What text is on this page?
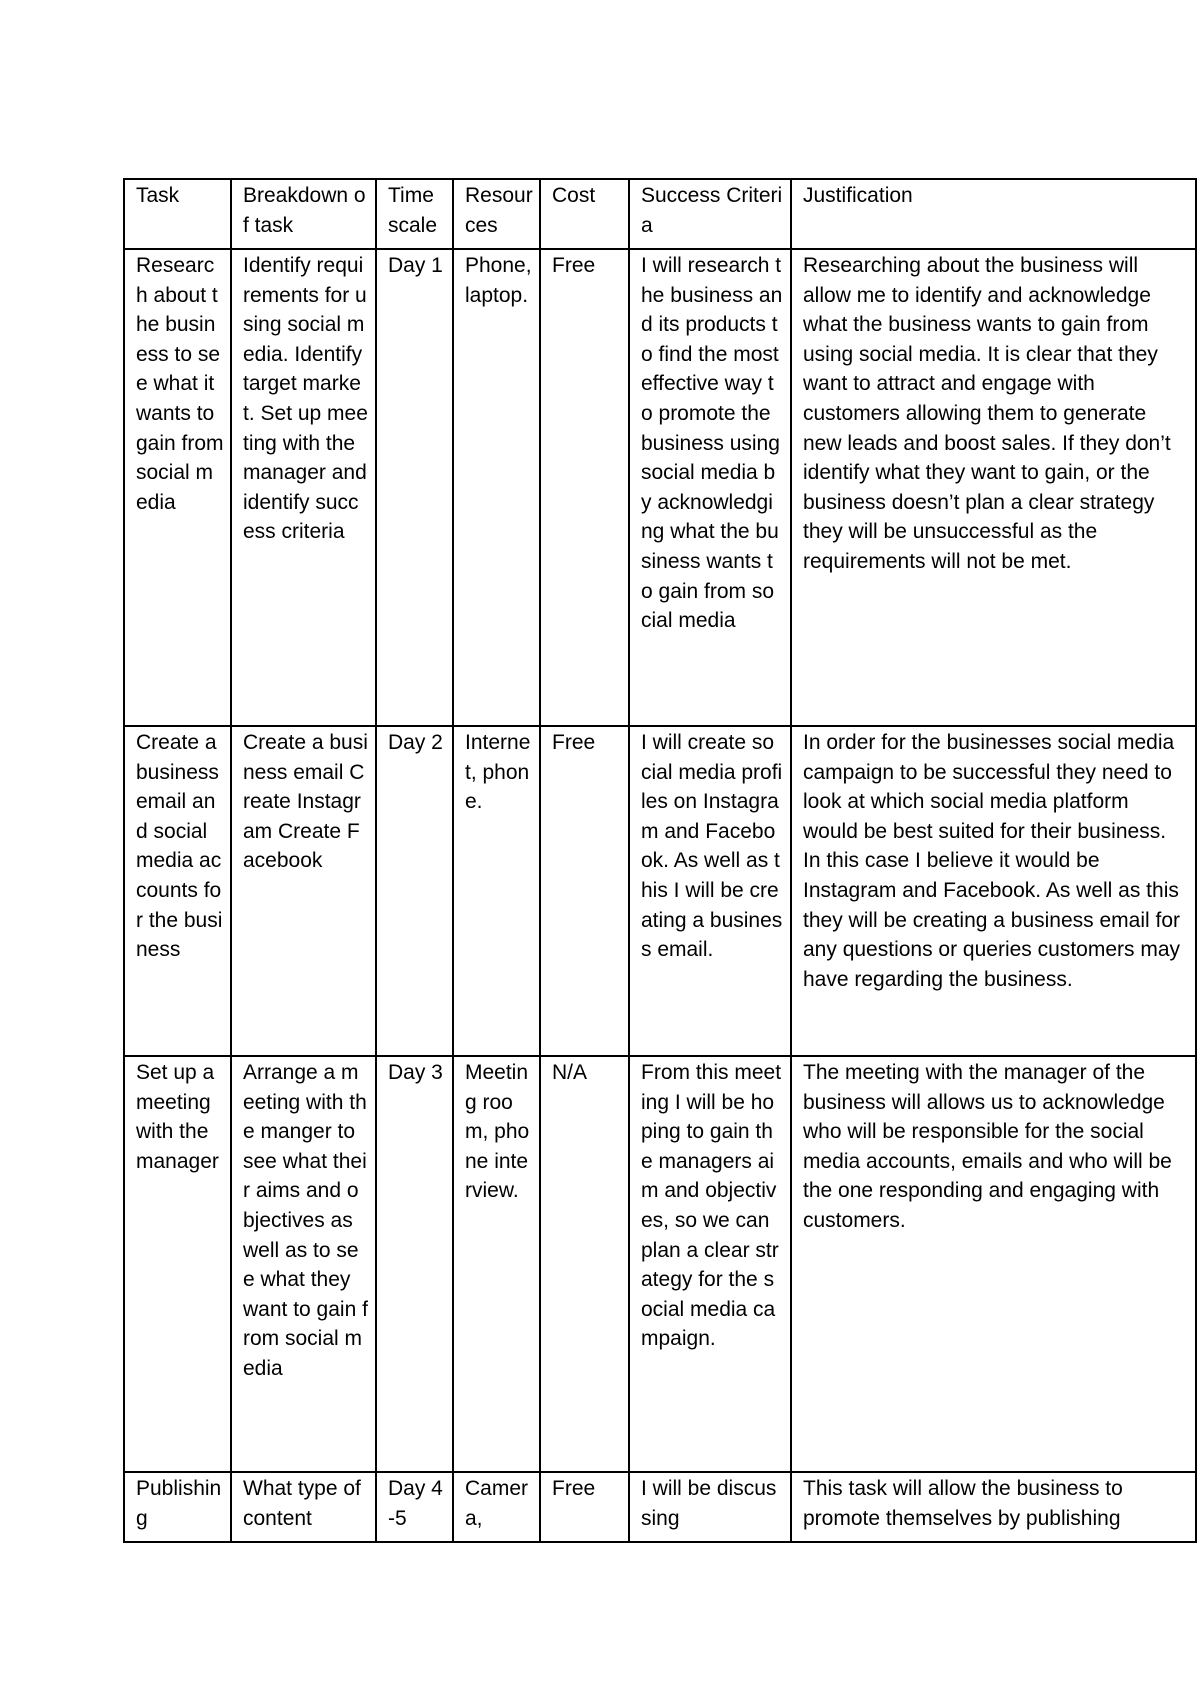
Task	Breakdown of task	Time scale	Resources	Cost	Success Criteria	Justification
Research about the business to see what it wants to gain from social media	Identify requirements for using social media. Identify target market. Set up meeting with the manager and identify success criteria	Day 1	Phone, laptop.	Free	I will research the business and its products to find the most effective way to promote the business using social media by acknowledging what the business wants to gain from social media	Researching about the business will allow me to identify and acknowledge what the business wants to gain from using social media. It is clear that they want to attract and engage with customers allowing them to generate new leads and boost sales. If they don’t identify what they want to gain, or the business doesn’t plan a clear strategy they will be unsuccessful as the requirements will not be met.
Create a business email and social media accounts for the business	Create a business email Create Instagram Create Facebook	Day 2	Internet, phone.	Free	I will create social media profiles on Instagram and Facebook. As well as this I will be creating a business email.	In order for the businesses social media campaign to be successful they need to look at which social media platform would be best suited for their business. In this case I believe it would be Instagram and Facebook. As well as this they will be creating a business email for any questions or queries customers may have regarding the business.
Set up a meeting with the manager	Arrange a meeting with the manger to see what their aims and objectives as well as to see what they want to gain from social media	Day 3	Meeting room, phone interview.	N/A	From this meeting I will be hoping to gain the managers aim and objectives, so we can plan a clear strategy for the social media campaign.	The meeting with the manager of the business will allows us to acknowledge who will be responsible for the social media accounts, emails and who will be the one responding and engaging with customers.
Publishing	What type of content	Day 4-5	Camera,	Free	I will be discussing	This task will allow the business to promote themselves by publishing
